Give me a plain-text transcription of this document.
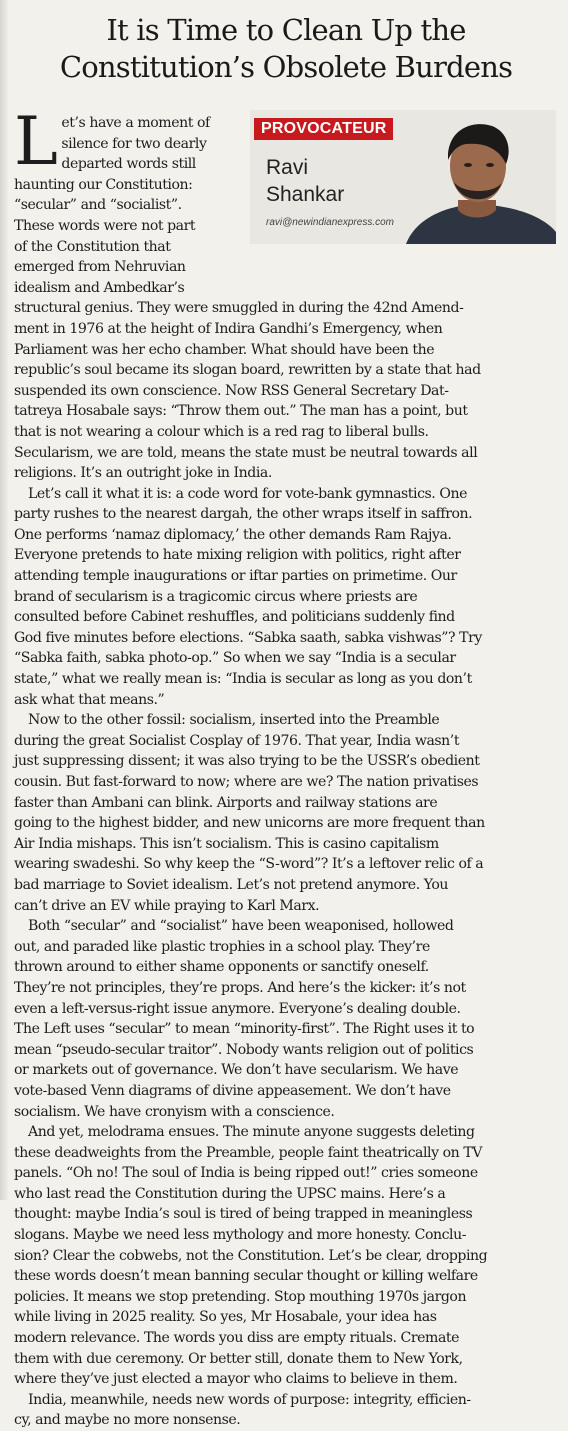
It is Time to Clean Up the
Constitution’s Obsolete Burdens
PROVOCATEUR
Ravi
Shankar
ravi@newindianexpress.com
L et’s have a moment of
silence for two dearly
departed words still
haunting our Constitution:
“secular” and “socialist”.
These words were not part
of the Constitution that
emerged from Nehruvian
idealism and Ambedkar’s
structural genius. They were smuggled in during the 42nd Amend-
ment in 1976 at the height of Indira Gandhi’s Emergency, when
Parliament was her echo chamber. What should have been the
republic’s soul became its slogan board, rewritten by a state that had
suspended its own conscience. Now RSS General Secretary Dat-
tatreya Hosabale says: “Throw them out.” The man has a point, but
that is not wearing a colour which is a red rag to liberal bulls.
Secularism, we are told, means the state must be neutral towards all
religions. It’s an outright joke in India.
Let’s call it what it is: a code word for vote-bank gymnastics. One
party rushes to the nearest dargah, the other wraps itself in saffron.
One performs ‘namaz diplomacy,’ the other demands Ram Rajya.
Everyone pretends to hate mixing religion with politics, right after
attending temple inaugurations or iftar parties on primetime. Our
brand of secularism is a tragicomic circus where priests are
consulted before Cabinet reshuffles, and politicians suddenly find
God five minutes before elections. “Sabka saath, sabka vishwas”? Try
“Sabka faith, sabka photo-op.” So when we say “India is a secular
state,” what we really mean is: “India is secular as long as you don’t
ask what that means.”
Now to the other fossil: socialism, inserted into the Preamble
during the great Socialist Cosplay of 1976. That year, India wasn’t
just suppressing dissent; it was also trying to be the USSR’s obedient
cousin. But fast-forward to now; where are we? The nation privatises
faster than Ambani can blink. Airports and railway stations are
going to the highest bidder, and new unicorns are more frequent than
Air India mishaps. This isn’t socialism. This is casino capitalism
wearing swadeshi. So why keep the “S-word”? It’s a leftover relic of a
bad marriage to Soviet idealism. Let’s not pretend anymore. You
can’t drive an EV while praying to Karl Marx.
Both “secular” and “socialist” have been weaponised, hollowed
out, and paraded like plastic trophies in a school play. They’re
thrown around to either shame opponents or sanctify oneself.
They’re not principles, they’re props. And here’s the kicker: it’s not
even a left-versus-right issue anymore. Everyone’s dealing double.
The Left uses “secular” to mean “minority-first”. The Right uses it to
mean “pseudo-secular traitor”. Nobody wants religion out of politics
or markets out of governance. We don’t have secularism. We have
vote-based Venn diagrams of divine appeasement. We don’t have
socialism. We have cronyism with a conscience.
And yet, melodrama ensues. The minute anyone suggests deleting
these deadweights from the Preamble, people faint theatrically on TV
panels. “Oh no! The soul of India is being ripped out!” cries someone
who last read the Constitution during the UPSC mains. Here’s a
thought: maybe India’s soul is tired of being trapped in meaningless
slogans. Maybe we need less mythology and more honesty. Conclu-
sion? Clear the cobwebs, not the Constitution. Let’s be clear, dropping
these words doesn’t mean banning secular thought or killing welfare
policies. It means we stop pretending. Stop mouthing 1970s jargon
while living in 2025 reality. So yes, Mr Hosabale, your idea has
modern relevance. The words you diss are empty rituals. Cremate
them with due ceremony. Or better still, donate them to New York,
where they’ve just elected a mayor who claims to believe in them.
India, meanwhile, needs new words of purpose: integrity, efficien-
cy, and maybe no more nonsense.
